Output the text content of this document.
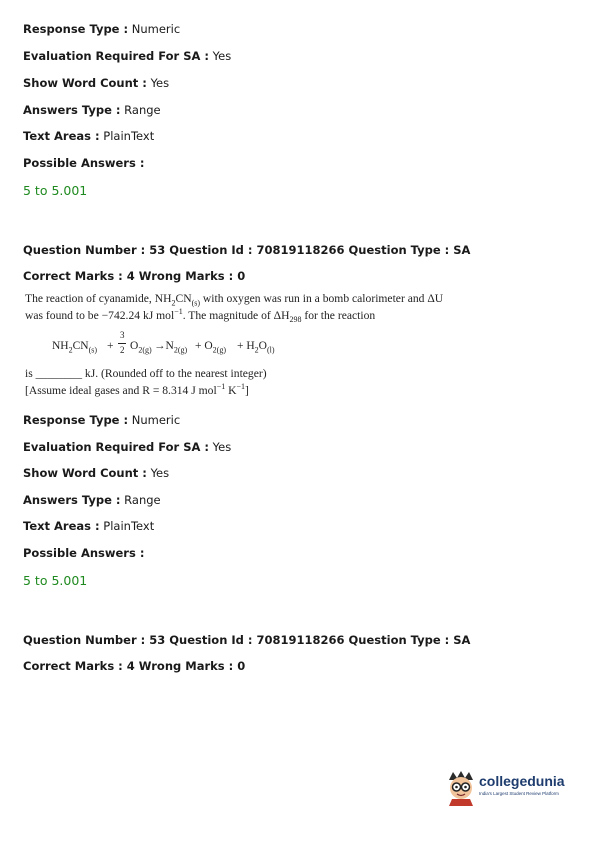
Response Type : Numeric
Evaluation Required For SA : Yes
Show Word Count : Yes
Answers Type : Range
Text Areas : PlainText
Possible Answers :
5 to 5.001
Question Number : 53 Question Id : 70819118266 Question Type : SA
Correct Marks : 4 Wrong Marks : 0
The reaction of cyanamide, $NH_2CN_{(s)}$ with oxygen was run in a bomb calorimeter and ΔU
was found to be −742.24 kJ mol$^{-1}$. The magnitude of $\Delta H_{298}$ for the reaction
$NH_2CN_{(s)}$ +
3
2 $O_{2(g)} \to N_{2(g)} + O_{2(g)} + H_2O_{(l)}$
is ________ kJ. (Rounded off to the nearest integer)
[Assume ideal gases and R = 8.314 J mol$^{-1}$ $K^{-1}$]
Response Type : Numeric
Evaluation Required For SA : Yes
Show Word Count : Yes
Answers Type : Range
Text Areas : PlainText
Possible Answers :
5 to 5.001
Question Number : 53 Question Id : 70819118266 Question Type : SA
Correct Marks : 4 Wrong Marks : 0
collegedunia
India's Largest Student Review Platform
